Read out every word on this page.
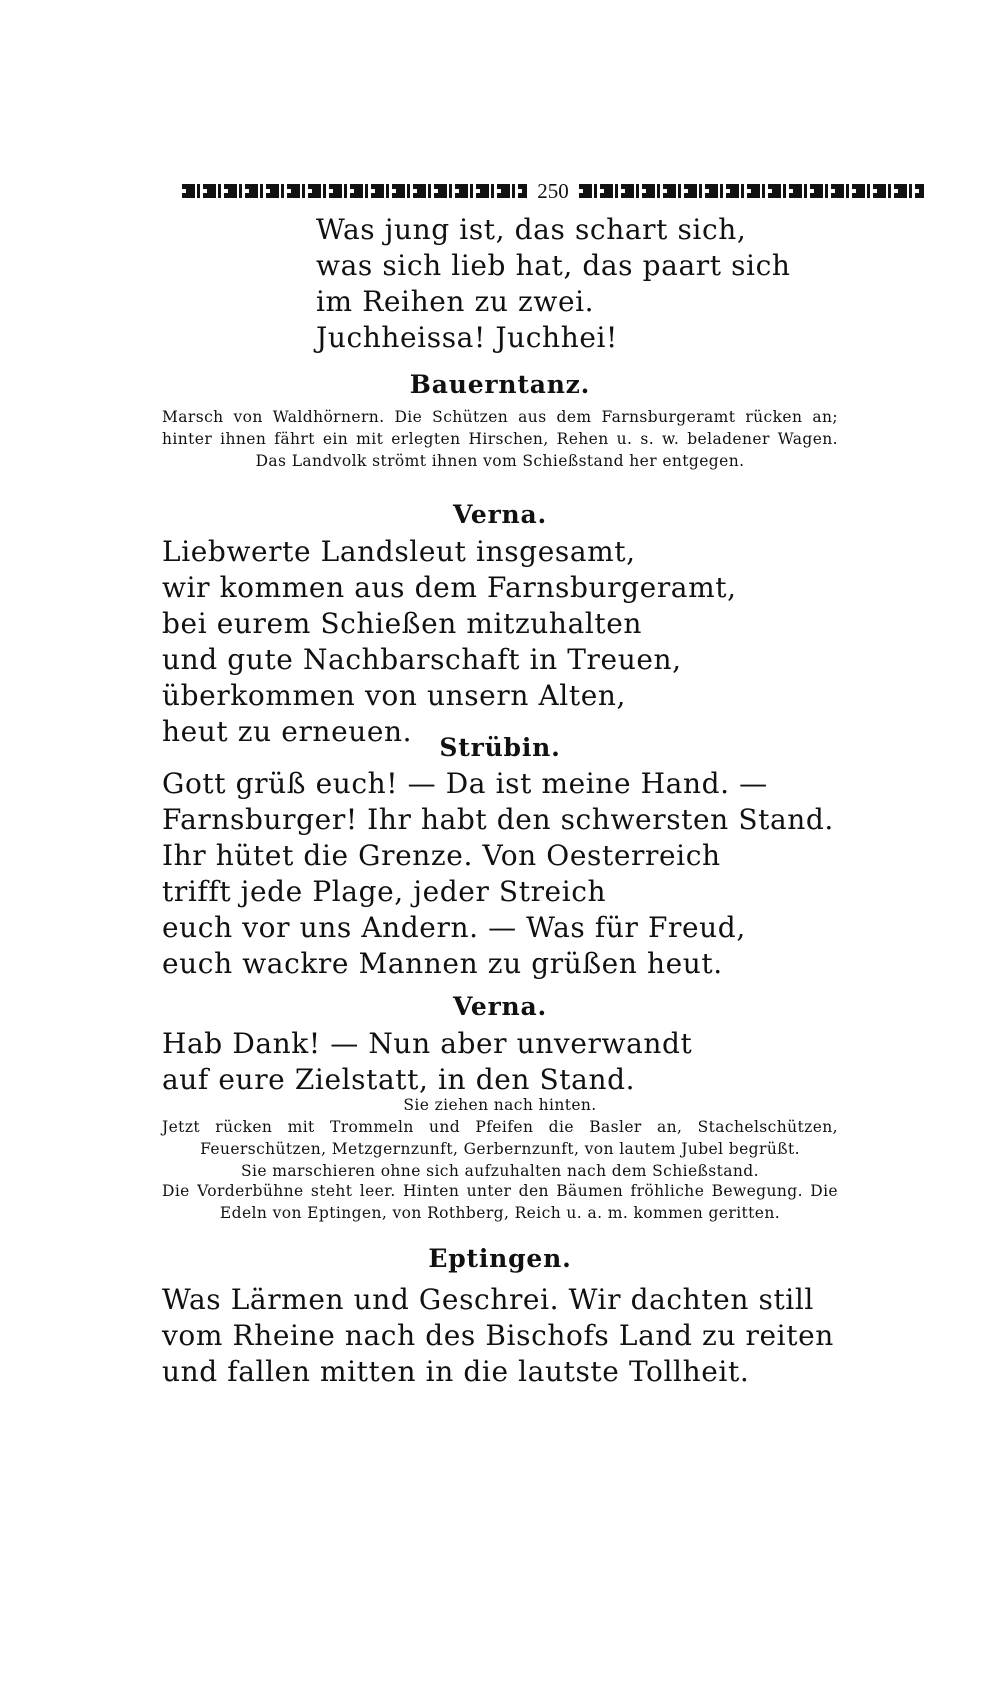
250
Was jung ist, das schart sich,
was sich lieb hat, das paart sich
im Reihen zu zwei.
Juchheissa! Juchhei!
Bauerntanz.
Marsch von Waldhörnern. Die Schützen aus dem Farnsburgeramt rücken an; hinter ihnen fährt ein mit erlegten Hirschen, Rehen u. s. w. beladener Wagen. Das Landvolk strömt ihnen vom Schießstand her entgegen.
Verna.
Liebwerte Landsleut insgesamt,
wir kommen aus dem Farnsburgeramt,
bei eurem Schießen mitzuhalten
und gute Nachbarschaft in Treuen,
überkommen von unsern Alten,
heut zu erneuen.	Strübin.
Gott grüß euch! — Da ist meine Hand. —
Farnsburger! Ihr habt den schwersten Stand.
Ihr hütet die Grenze. Von Oesterreich
trifft jede Plage, jeder Streich
euch vor uns Andern. — Was für Freud,
euch wackre Mannen zu grüßen heut.
Verna.
Hab Dank! — Nun aber unverwandt
auf eure Zielstatt, in den Stand.
Sie ziehen nach hinten.
Jetzt rücken mit Trommeln und Pfeifen die Basler an, Stachelschützen, Feuerschützen, Metzgernzunft, Gerbernzunft, von lautem Jubel begrüßt.
Sie marschieren ohne sich aufzuhalten nach dem Schießstand.
Die Vorderbühne steht leer. Hinten unter den Bäumen fröhliche Bewegung. Die Edeln von Eptingen, von Rothberg, Reich u. a. m. kommen geritten.
Eptingen.
Was Lärmen und Geschrei. Wir dachten still
vom Rheine nach des Bischofs Land zu reiten
und fallen mitten in die lautste Tollheit.
